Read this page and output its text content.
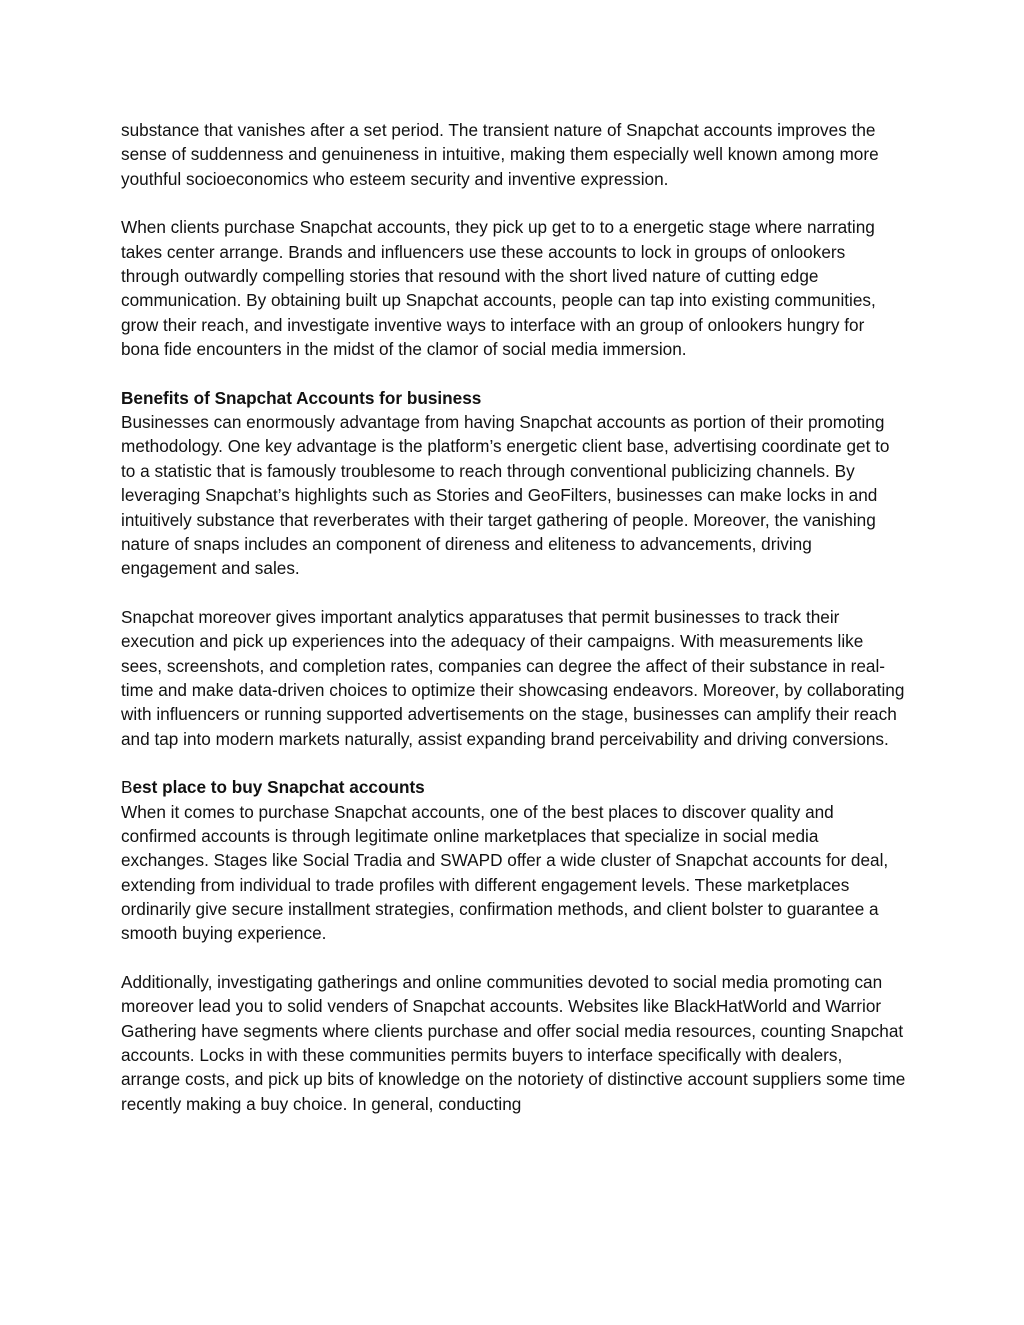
substance that vanishes after a set period. The transient nature of Snapchat accounts improves the sense of suddenness and genuineness in intuitive, making them especially well known among more youthful socioeconomics who esteem security and inventive expression.

When clients purchase Snapchat accounts, they pick up get to to a energetic stage where narrating takes center arrange. Brands and influencers use these accounts to lock in groups of onlookers through outwardly compelling stories that resound with the short lived nature of cutting edge communication. By obtaining built up Snapchat accounts, people can tap into existing communities, grow their reach, and investigate inventive ways to interface with an group of onlookers hungry for bona fide encounters in the midst of the clamor of social media immersion.

Benefits of Snapchat Accounts for business

Businesses can enormously advantage from having Snapchat accounts as portion of their promoting methodology. One key advantage is the platform’s energetic client base, advertising coordinate get to to a statistic that is famously troublesome to reach through conventional publicizing channels. By leveraging Snapchat’s highlights such as Stories and GeoFilters, businesses can make locks in and intuitively substance that reverberates with their target gathering of people. Moreover, the vanishing nature of snaps includes an component of direness and eliteness to advancements, driving engagement and sales.

Snapchat moreover gives important analytics apparatuses that permit businesses to track their execution and pick up experiences into the adequacy of their campaigns. With measurements like sees, screenshots, and completion rates, companies can degree the affect of their substance in real-time and make data-driven choices to optimize their showcasing endeavors. Moreover, by collaborating with influencers or running supported advertisements on the stage, businesses can amplify their reach and tap into modern markets naturally, assist expanding brand perceivability and driving conversions.

Best place to buy Snapchat accounts

When it comes to purchase Snapchat accounts, one of the best places to discover quality and confirmed accounts is through legitimate online marketplaces that specialize in social media exchanges. Stages like Social Tradia and SWAPD offer a wide cluster of Snapchat accounts for deal, extending from individual to trade profiles with different engagement levels. These marketplaces ordinarily give secure installment strategies, confirmation methods, and client bolster to guarantee a smooth buying experience.

Additionally, investigating gatherings and online communities devoted to social media promoting can moreover lead you to solid venders of Snapchat accounts. Websites like BlackHatWorld and Warrior Gathering have segments where clients purchase and offer social media resources, counting Snapchat accounts. Locks in with these communities permits buyers to interface specifically with dealers, arrange costs, and pick up bits of knowledge on the notoriety of distinctive account suppliers some time recently making a buy choice. In general, conducting
